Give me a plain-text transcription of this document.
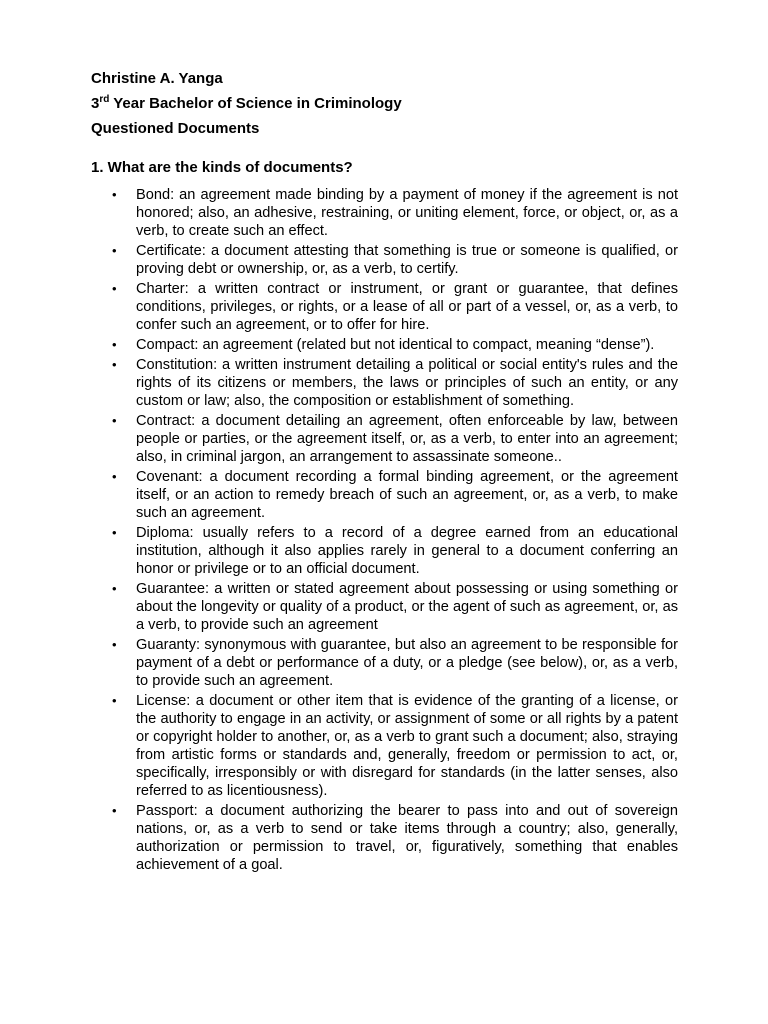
Christine A. Yanga

3rd Year Bachelor of Science in Criminology

Questioned Documents

1. What are the kinds of documents?

• Bond: an agreement made binding by a payment of money if the agreement is not honored; also, an adhesive, restraining, or uniting element, force, or object, or, as a verb, to create such an effect.
• Certificate: a document attesting that something is true or someone is qualified, or proving debt or ownership, or, as a verb, to certify.
• Charter: a written contract or instrument, or grant or guarantee, that defines conditions, privileges, or rights, or a lease of all or part of a vessel, or, as a verb, to confer such an agreement, or to offer for hire.
• Compact: an agreement (related but not identical to compact, meaning “dense”).
• Constitution: a written instrument detailing a political or social entity's rules and the rights of its citizens or members, the laws or principles of such an entity, or any custom or law; also, the composition or establishment of something.
• Contract: a document detailing an agreement, often enforceable by law, between people or parties, or the agreement itself, or, as a verb, to enter into an agreement; also, in criminal jargon, an arrangement to assassinate someone..
• Covenant: a document recording a formal binding agreement, or the agreement itself, or an action to remedy breach of such an agreement, or, as a verb, to make such an agreement.
• Diploma: usually refers to a record of a degree earned from an educational institution, although it also applies rarely in general to a document conferring an honor or privilege or to an official document.
• Guarantee: a written or stated agreement about possessing or using something or about the longevity or quality of a product, or the agent of such as agreement, or, as a verb, to provide such an agreement
• Guaranty: synonymous with guarantee, but also an agreement to be responsible for payment of a debt or performance of a duty, or a pledge (see below), or, as a verb, to provide such an agreement.
• License: a document or other item that is evidence of the granting of a license, or the authority to engage in an activity, or assignment of some or all rights by a patent or copyright holder to another, or, as a verb to grant such a document; also, straying from artistic forms or standards and, generally, freedom or permission to act, or, specifically, irresponsibly or with disregard for standards (in the latter senses, also referred to as licentiousness).
• Passport: a document authorizing the bearer to pass into and out of sovereign nations, or, as a verb to send or take items through a country; also, generally, authorization or permission to travel, or, figuratively, something that enables achievement of a goal.
